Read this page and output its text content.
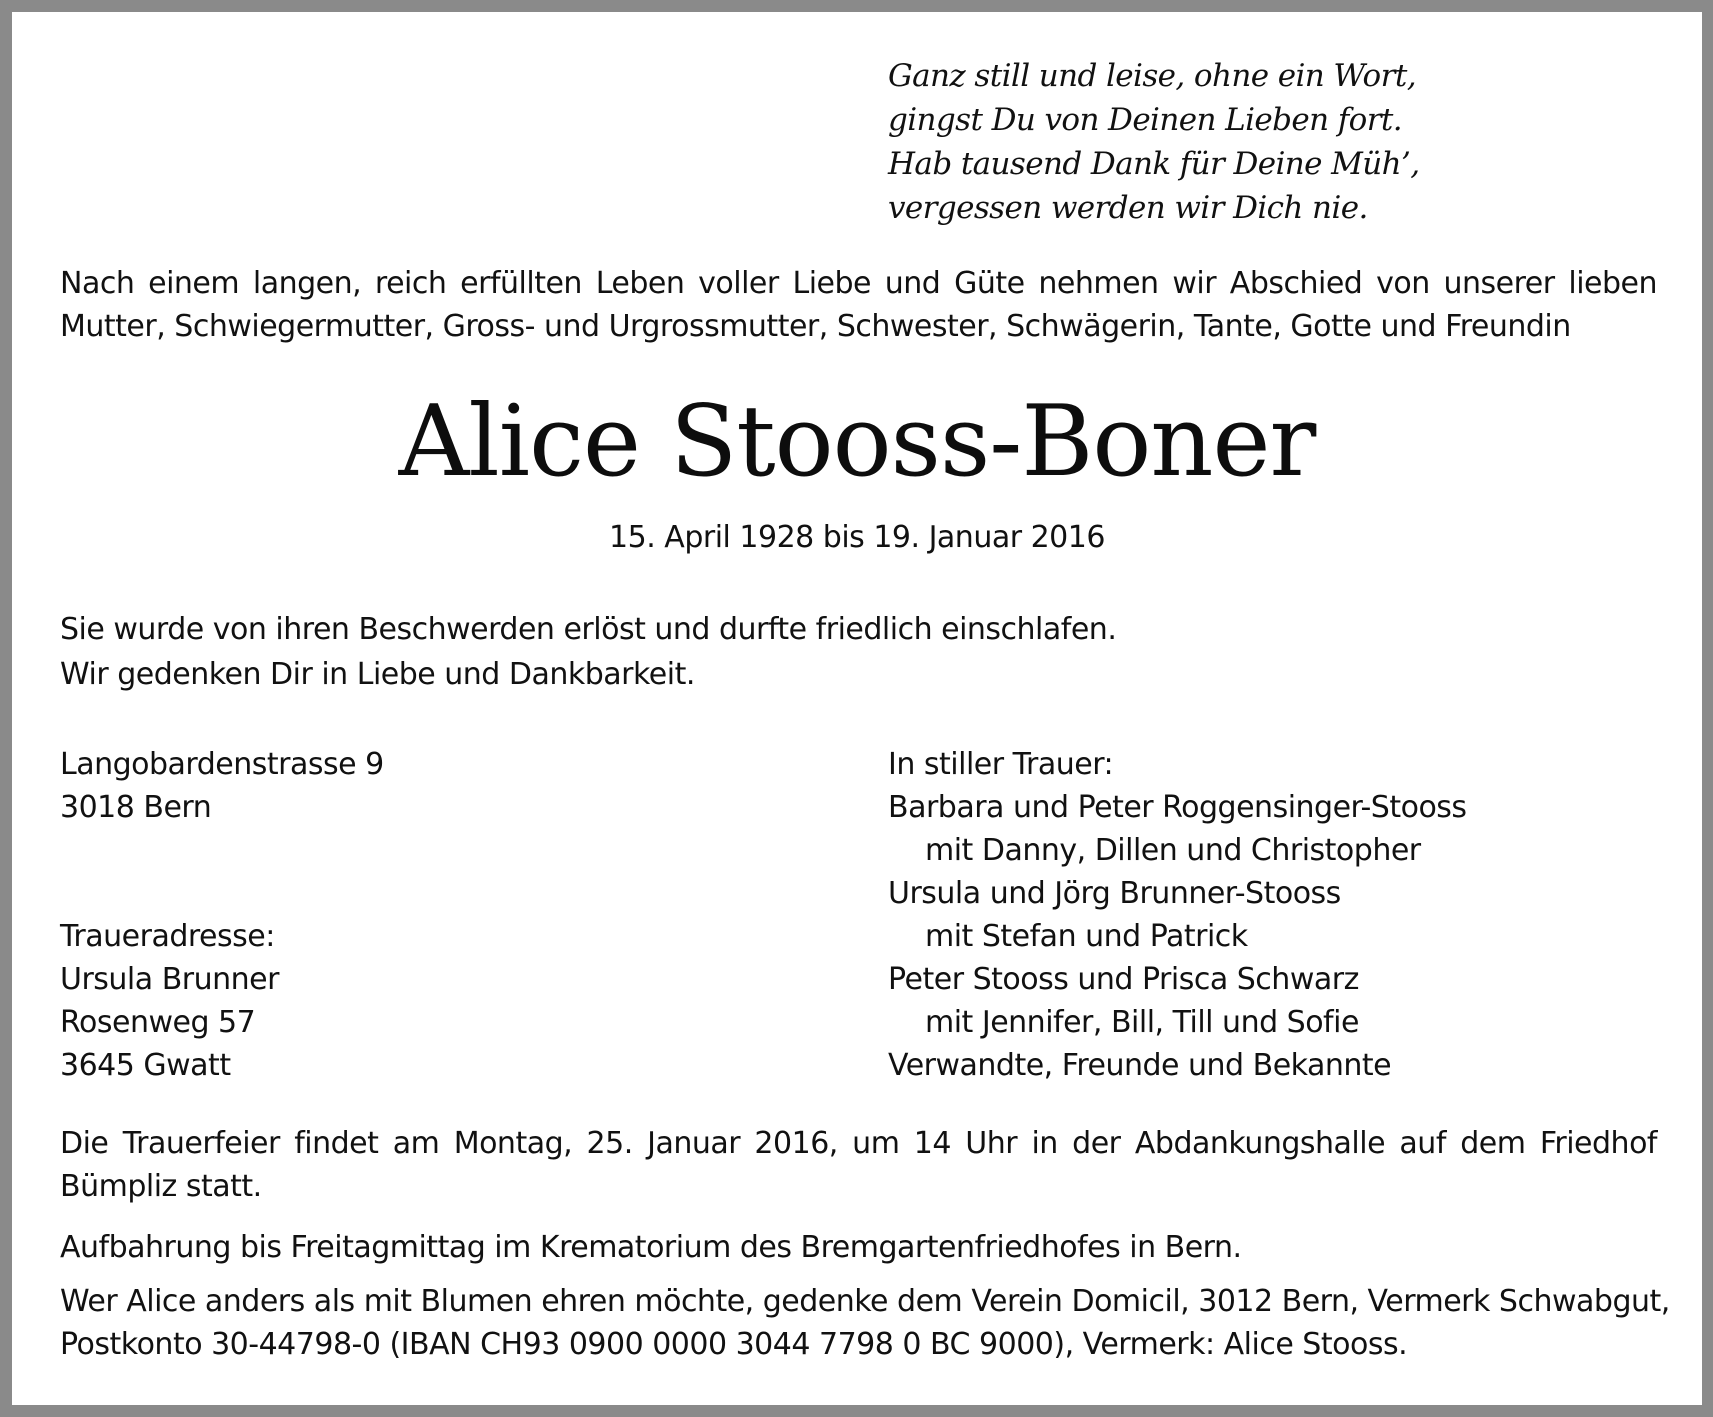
Ganz still und leise, ohne ein Wort,
gingst Du von Deinen Lieben fort.
Hab tausend Dank für Deine Müh’,
vergessen werden wir Dich nie.
Nach einem langen, reich erfüllten Leben voller Liebe und Güte nehmen wir Abschied von unserer lieben
Mutter, Schwiegermutter, Gross- und Urgrossmutter, Schwester, Schwägerin, Tante, Gotte und Freundin
Alice Stooss-Boner
15. April 1928 bis 19. Januar 2016
Sie wurde von ihren Beschwerden erlöst und durfte friedlich einschlafen.
Wir gedenken Dir in Liebe und Dankbarkeit.
Langobardenstrasse 9
3018 Bern
Traueradresse:
Ursula Brunner
Rosenweg 57
3645 Gwatt
In stiller Trauer:
Barbara und Peter Roggensinger-Stooss
mit Danny, Dillen und Christopher
Ursula und Jörg Brunner-Stooss
mit Stefan und Patrick
Peter Stooss und Prisca Schwarz
mit Jennifer, Bill, Till und Sofie
Verwandte, Freunde und Bekannte
Die Trauerfeier findet am Montag, 25. Januar 2016, um 14 Uhr in der Abdankungshalle auf dem Friedhof
Bümpliz statt.
Aufbahrung bis Freitagmittag im Krematorium des Bremgartenfriedhofes in Bern.
Wer Alice anders als mit Blumen ehren möchte, gedenke dem Verein Domicil, 3012 Bern, Vermerk Schwabgut,
Postkonto 30-44798-0 (IBAN CH93 0900 0000 3044 7798 0 BC 9000), Vermerk: Alice Stooss.
